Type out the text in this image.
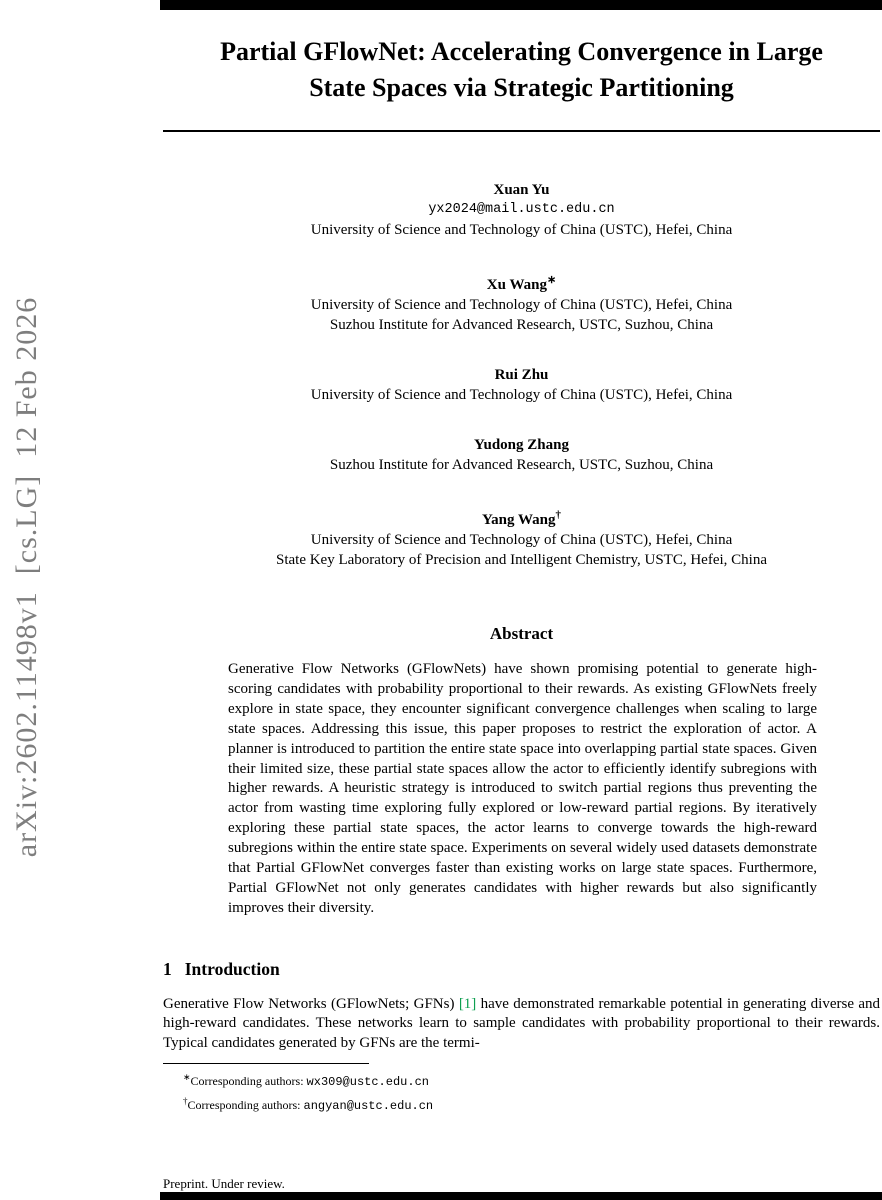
arXiv:2602.11498v1  [cs.LG]  12 Feb 2026
Partial GFlowNet: Accelerating Convergence in Large
State Spaces via Strategic Partitioning
Xuan Yu
yx2024@mail.ustc.edu.cn
University of Science and Technology of China (USTC), Hefei, China
Xu Wang∗
University of Science and Technology of China (USTC), Hefei, China
Suzhou Institute for Advanced Research, USTC, Suzhou, China
Rui Zhu
University of Science and Technology of China (USTC), Hefei, China
Yudong Zhang
Suzhou Institute for Advanced Research, USTC, Suzhou, China
Yang Wang†
University of Science and Technology of China (USTC), Hefei, China
State Key Laboratory of Precision and Intelligent Chemistry, USTC, Hefei, China
Abstract

Generative Flow Networks (GFlowNets) have shown promising potential to generate high-scoring candidates with probability proportional to their rewards. As existing GFlowNets freely explore in state space, they encounter significant convergence challenges when scaling to large state spaces. Addressing this issue, this paper proposes to restrict the exploration of actor. A planner is introduced to partition the entire state space into overlapping partial state spaces. Given their limited size, these partial state spaces allow the actor to efficiently identify subregions with higher rewards. A heuristic strategy is introduced to switch partial regions thus preventing the actor from wasting time exploring fully explored or low-reward partial regions. By iteratively exploring these partial state spaces, the actor learns to converge towards the high-reward subregions within the entire state space. Experiments on several widely used datasets demonstrate that Partial GFlowNet converges faster than existing works on large state spaces. Furthermore, Partial GFlowNet not only generates candidates with higher rewards but also significantly improves their diversity.

1 Introduction

Generative Flow Networks (GFlowNets; GFNs) [1] have demonstrated remarkable potential in generating diverse and high-reward candidates. These networks learn to sample candidates with probability proportional to their rewards. Typical candidates generated by GFNs are the termi-

∗Corresponding authors: wx309@ustc.edu.cn
†Corresponding authors: angyan@ustc.edu.cn
Preprint. Under review.
